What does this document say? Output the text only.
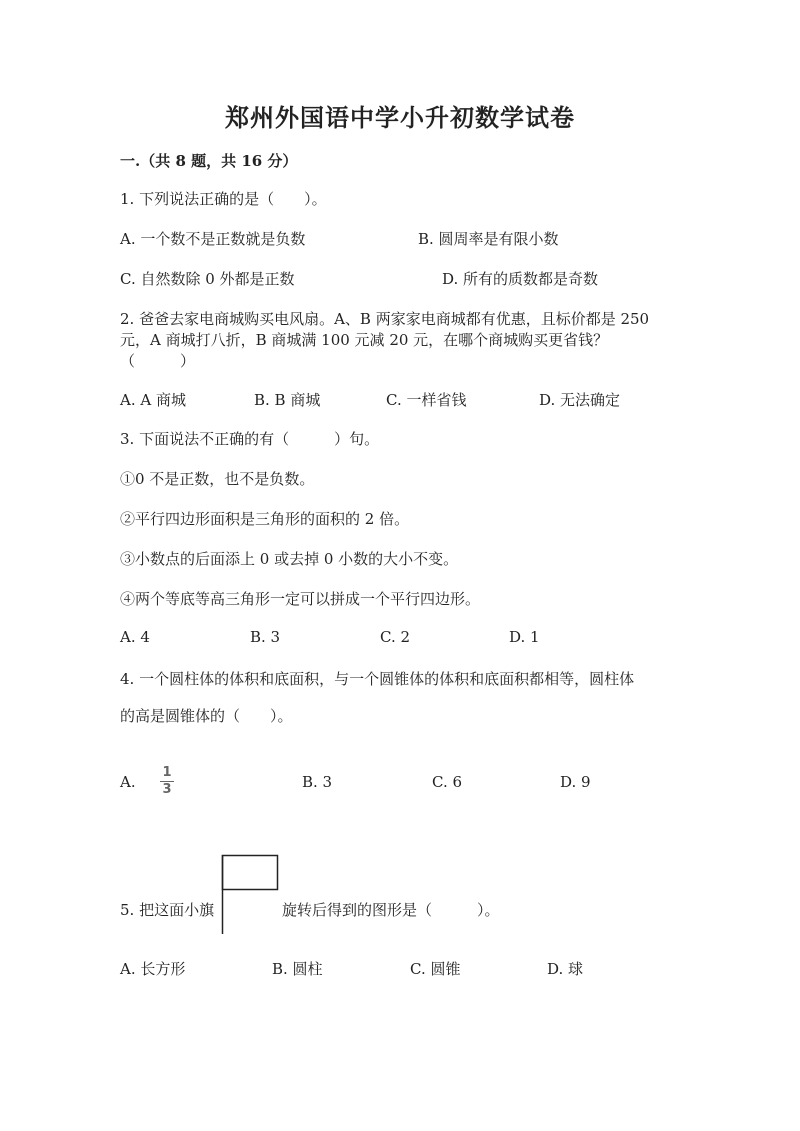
郑州外国语中学小升初数学试卷
一.（共 8 题，共 16 分）
1. 下列说法正确的是（　　）。
A. 一个数不是正数就是负数	B. 圆周率是有限小数
C. 自然数除 0 外都是正数	D. 所有的质数都是奇数
2. 爸爸去家电商城购买电风扇。A、B 两家家电商城都有优惠，且标价都是 250
元，A 商城打八折，B 商城满 100 元减 20 元，在哪个商城购买更省钱？
（　　　）
A. A 商城	B. B 商城	C. 一样省钱	D. 无法确定
3. 下面说法不正确的有（　　　）句。
①0 不是正数，也不是负数。
②平行四边形面积是三角形的面积的 2 倍。
③小数点的后面添上 0 或去掉 0 小数的大小不变。
④两个等底等高三角形一定可以拼成一个平行四边形。
A. 4	B. 3	C. 2	D. 1
4. 一个圆柱体的体积和底面积，与一个圆锥体的体积和底面积都相等，圆柱体
的高是圆锥体的（　　）。
A.
1
3	B. 3	C. 6	D. 9
5. 把这面小旗	旋转后得到的图形是（　　　）。
A. 长方形	B. 圆柱	C. 圆锥	D. 球
